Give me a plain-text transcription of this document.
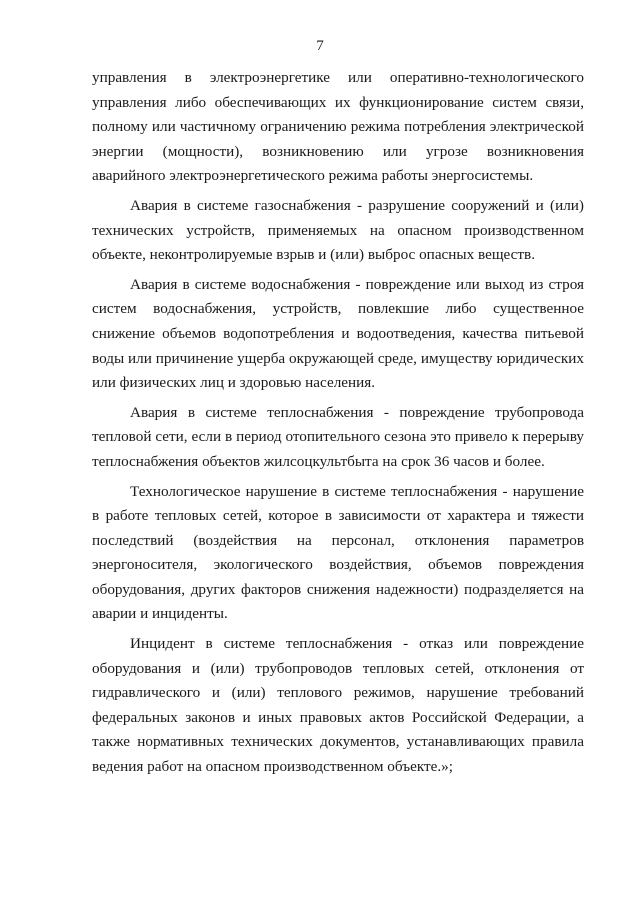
7

управления в электроэнергетике или оперативно-технологического управления либо обеспечивающих их функционирование систем связи, полному или частичному ограничению режима потребления электрической энергии (мощности), возникновению или угрозе возникновения аварийного электроэнергетического режима работы энергосистемы.

Авария в системе газоснабжения - разрушение сооружений и (или) технических устройств, применяемых на опасном производственном объекте, неконтролируемые взрыв и (или) выброс опасных веществ.

Авария в системе водоснабжения - повреждение или выход из строя систем водоснабжения, устройств, повлекшие либо существенное снижение объемов водопотребления и водоотведения, качества питьевой воды или причинение ущерба окружающей среде, имуществу юридических или физических лиц и здоровью населения.

Авария в системе теплоснабжения - повреждение трубопровода тепловой сети, если в период отопительного сезона это привело к перерыву теплоснабжения объектов жилсоцкультбыта на срок 36 часов и более.

Технологическое нарушение в системе теплоснабжения - нарушение в работе тепловых сетей, которое в зависимости от характера и тяжести последствий (воздействия на персонал, отклонения параметров энергоносителя, экологического воздействия, объемов повреждения оборудования, других факторов снижения надежности) подразделяется на аварии и инциденты.

Инцидент в системе теплоснабжения - отказ или повреждение оборудования и (или) трубопроводов тепловых сетей, отклонения от гидравлического и (или) теплового режимов, нарушение требований федеральных законов и иных правовых актов Российской Федерации, а также нормативных технических документов, устанавливающих правила ведения работ на опасном производственном объекте.»;
